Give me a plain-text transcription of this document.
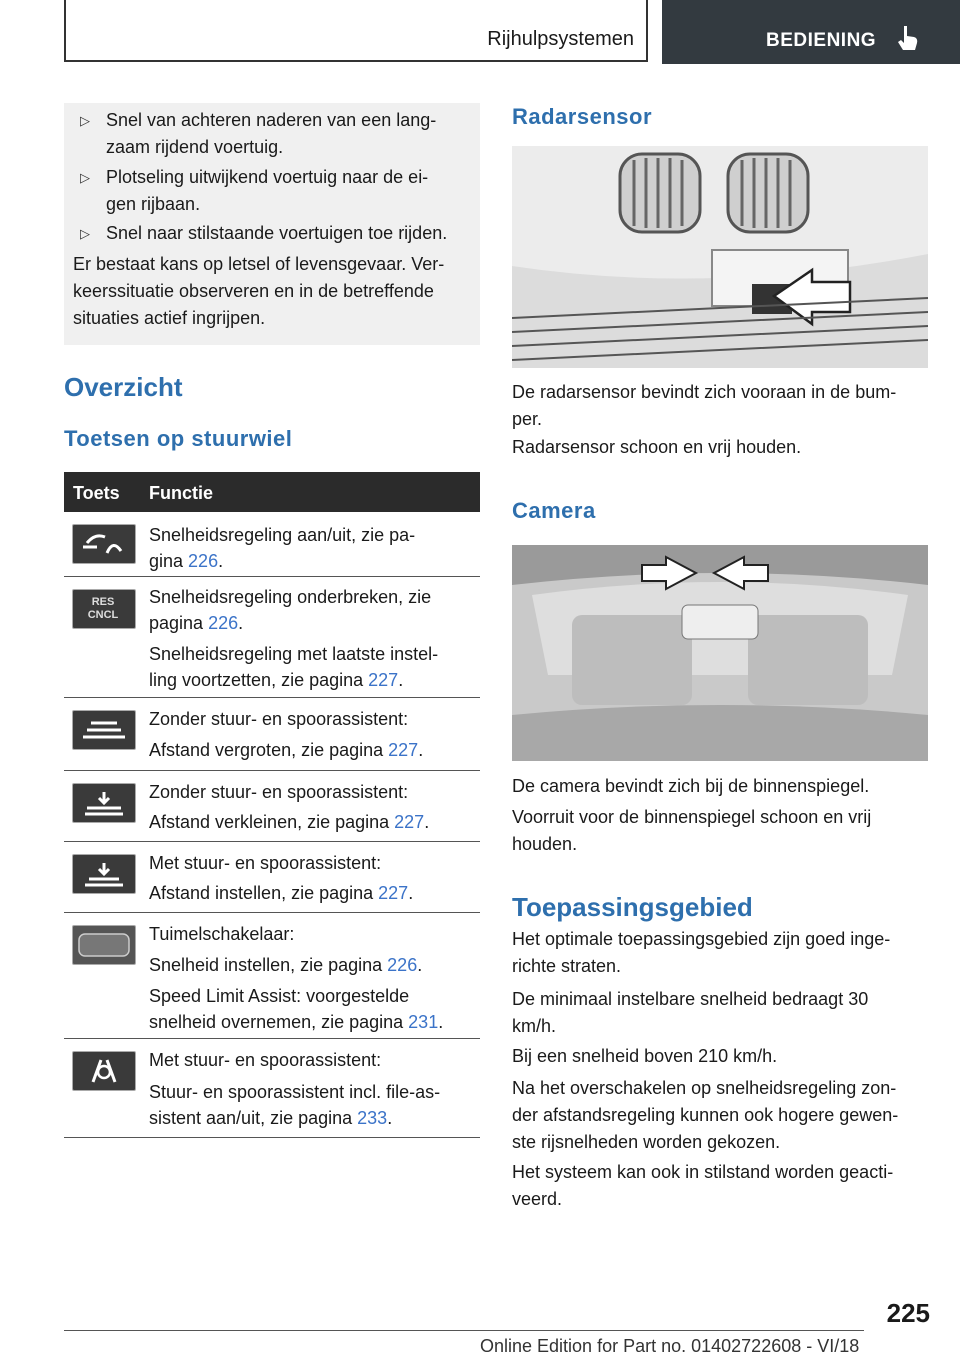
Rijhulpsystemen	BEDIENING
▷ Snel van achteren naderen van een lang-zaam rijdend voertuig.
▷ Plotseling uitwijkend voertuig naar de ei-gen rijbaan.
▷ Snel naar stilstaande voertuigen toe rijden.

Er bestaat kans op letsel of levensgevaar. Ver-keerssituatie observeren en in de betreffende situaties actief ingrijpen.

Overzicht
Toetsen op stuurwiel
Toets Functie
Snelheidsregeling aan/uit, zie pa-
gina 226.
RES CNCL
Snelheidsregeling onderbreken, zie
pagina 226.
Snelheidsregeling met laatste instel-
ling voortzetten, zie pagina 227.
Zonder stuur- en spoorassistent:
Afstand vergroten, zie pagina 227.
Zonder stuur- en spoorassistent:
Afstand verkleinen, zie pagina 227.
Met stuur- en spoorassistent:
Afstand instellen, zie pagina 227.
Tuimelschakelaar:
Snelheid instellen, zie pagina 226.
Speed Limit Assist: voorgestelde
snelheid overnemen, zie pagina 231.
Met stuur- en spoorassistent:
Stuur- en spoorassistent incl. file-as-
sistent aan/uit, zie pagina 233.
Radarsensor

De radarsensor bevindt zich vooraan in de bum-per.

Radarsensor schoon en vrij houden.

Camera

De camera bevindt zich bij de binnenspiegel.

Voorruit voor de binnenspiegel schoon en vrij houden.

Toepassingsgebied

Het optimale toepassingsgebied zijn goed inge-richte straten.

De minimaal instelbare snelheid bedraagt 30 km/h.

Bij een snelheid boven 210 km/h.

Na het overschakelen op snelheidsregeling zon-der afstandsregeling kunnen ook hogere gewen-ste rijsnelheden worden gekozen.

Het systeem kan ook in stilstand worden geacti-veerd.

225
Online Edition for Part no. 01402722608 - VI/18
